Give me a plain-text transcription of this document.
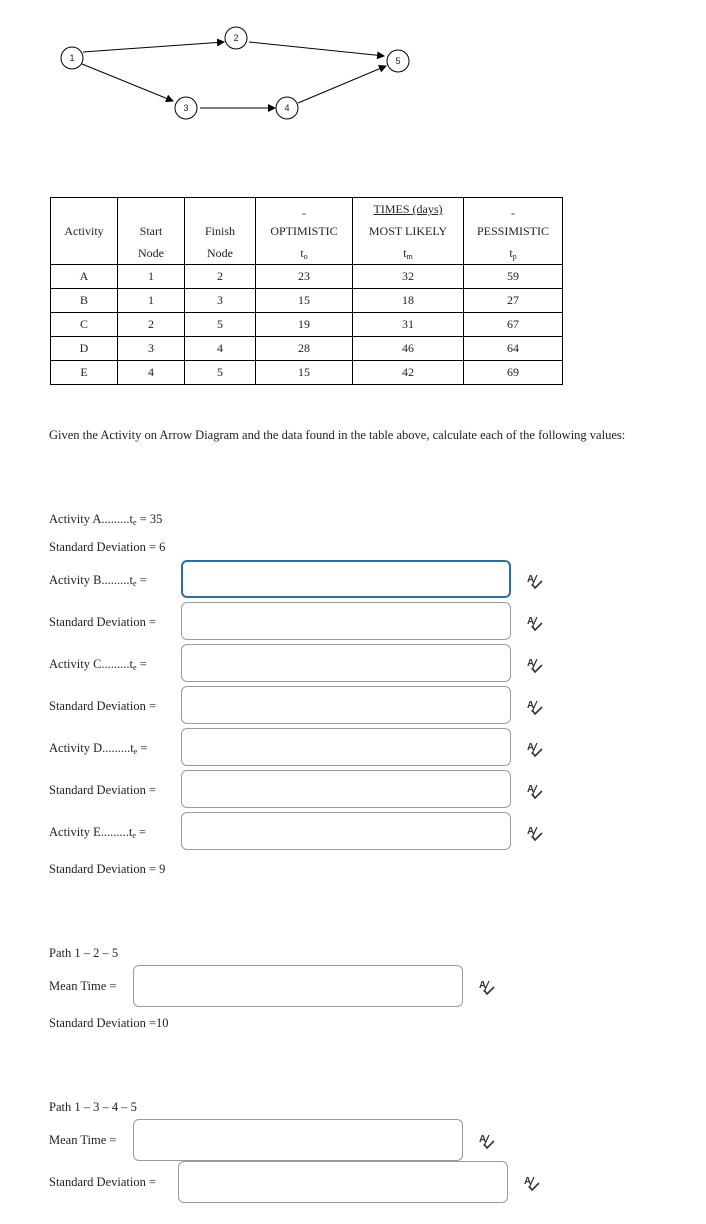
1
2
3	4
5

			-	TIMES (days)	-

Activity	Start	Finish	OPTIMISTIC	MOST LIKELY	PESSIMISTIC

	Node	Node	$t_o$	$t_m$	$t_p$

A	1	2	23	32	59

B	1	3	15	18	27

C	2	5	19	31	67

D	3	4	28	46	64

E	4	5	15	42	69
Given the Activity on Arrow Diagram and the data found in the table above, calculate each of the following values:
Activity $A.........t_e = 35$
Standard Deviation = 6
Activity $B.........t_e$ =	A
Standard Deviation =	A
Activity $C.........t_e$ =	A
Standard Deviation =	A
Activity $D.........t_e$ =	A
Standard Deviation =	A
Activity $E.........t_e$ =	A
Standard Deviation = 9
Path 1 – 2 – 5
Mean Time =	A
Standard Deviation =10
Path 1 – 3 – 4 – 5
Mean Time =	A
Standard Deviation =	A
